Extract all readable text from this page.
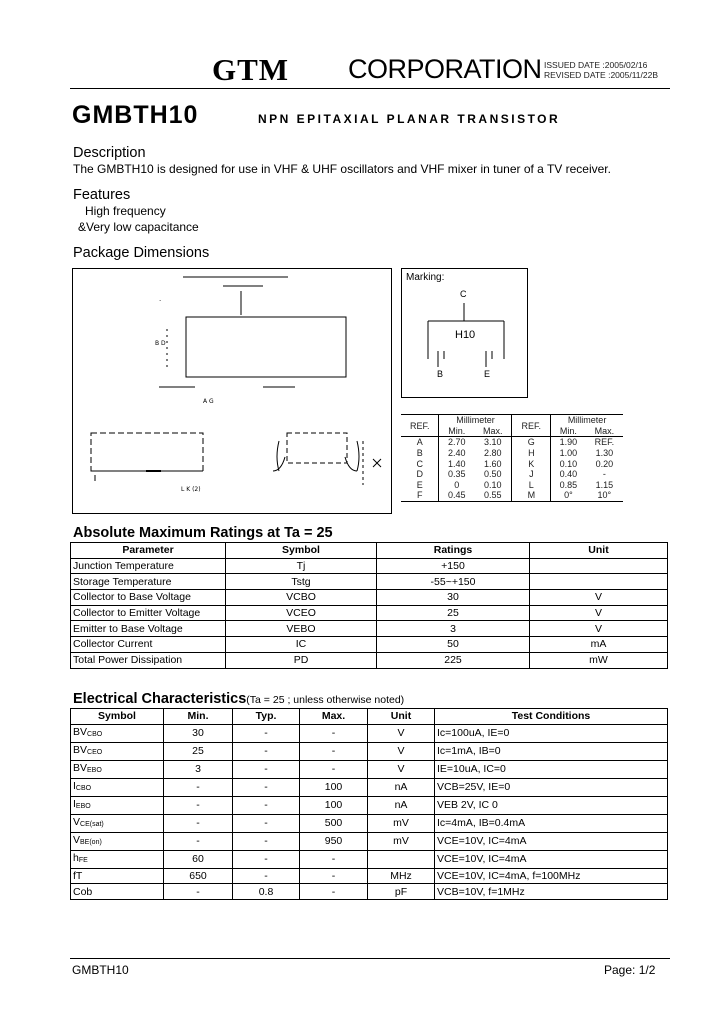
GTM CORPORATION ISSUED DATE :2005/02/16
REVISED DATE :2005/11/22B
GMBTH10	NPN EPITAXIAL PLANAR TRANSISTOR
Description
The GMBTH10 is designed for use in VHF & UHF oscillators and VHF mixer in tuner of a TV receiver.
Features
High frequency
&Very low capacitance
Package Dimensions
.
B D
A G
L K (2)
Marking:
C
H10
B	E
REF.	Millimeter		REF.	Millimeter	
	Min.	Max.		Min.	Max.
A	2.70	3.10	G	1.90	REF.
B	2.40	2.80	H	1.00	1.30
C	1.40	1.60	K	0.10	0.20
D	0.35	0.50	J	0.40	-
E	0	0.10	L	0.85	1.15
F	0.45	0.55	M	0°	10°
Absolute Maximum Ratings at Ta = 25
Parameter	Symbol	Ratings	Unit
Junction Temperature	Tj	+150	
Storage Temperature	Tstg	-55~+150	
Collector to Base Voltage	VCBO	30	V
Collector to Emitter Voltage	VCEO	25	V
Emitter to Base Voltage	VEBO	3	V
Collector Current	IC	50	mA
Total Power Dissipation	PD	225	mW
Electrical Characteristics(Ta = 25 ; unless otherwise noted)
Symbol	Min.	Typ.	Max.	Unit	Test Conditions
$BV_{CBO}$	30	-	-	V	Ic=100uA, IE=0
$BV_{CEO}$	25	-	-	V	Ic=1mA, IB=0
$BV_{EBO}$	3	-	-	V	IE=10uA, IC=0
$I_{CBO}$	-	-	100	nA	VCB=25V, IE=0
$I_{EBO}$	-	-	100	nA	VEB 2V, IC 0
$V_{CE(sat)}$	-	-	500	mV	Ic=4mA, IB=0.4mA
$V_{BE(on)}$	-	-	950	mV	VCE=10V, IC=4mA
$h_{FE}$	60	-	-		VCE=10V, IC=4mA
fT	650	-	-	MHz	VCE=10V, IC=4mA, f=100MHz
Cob	-	0.8	-	pF	VCB=10V, f=1MHz
GMBTH10	Page: 1/2
